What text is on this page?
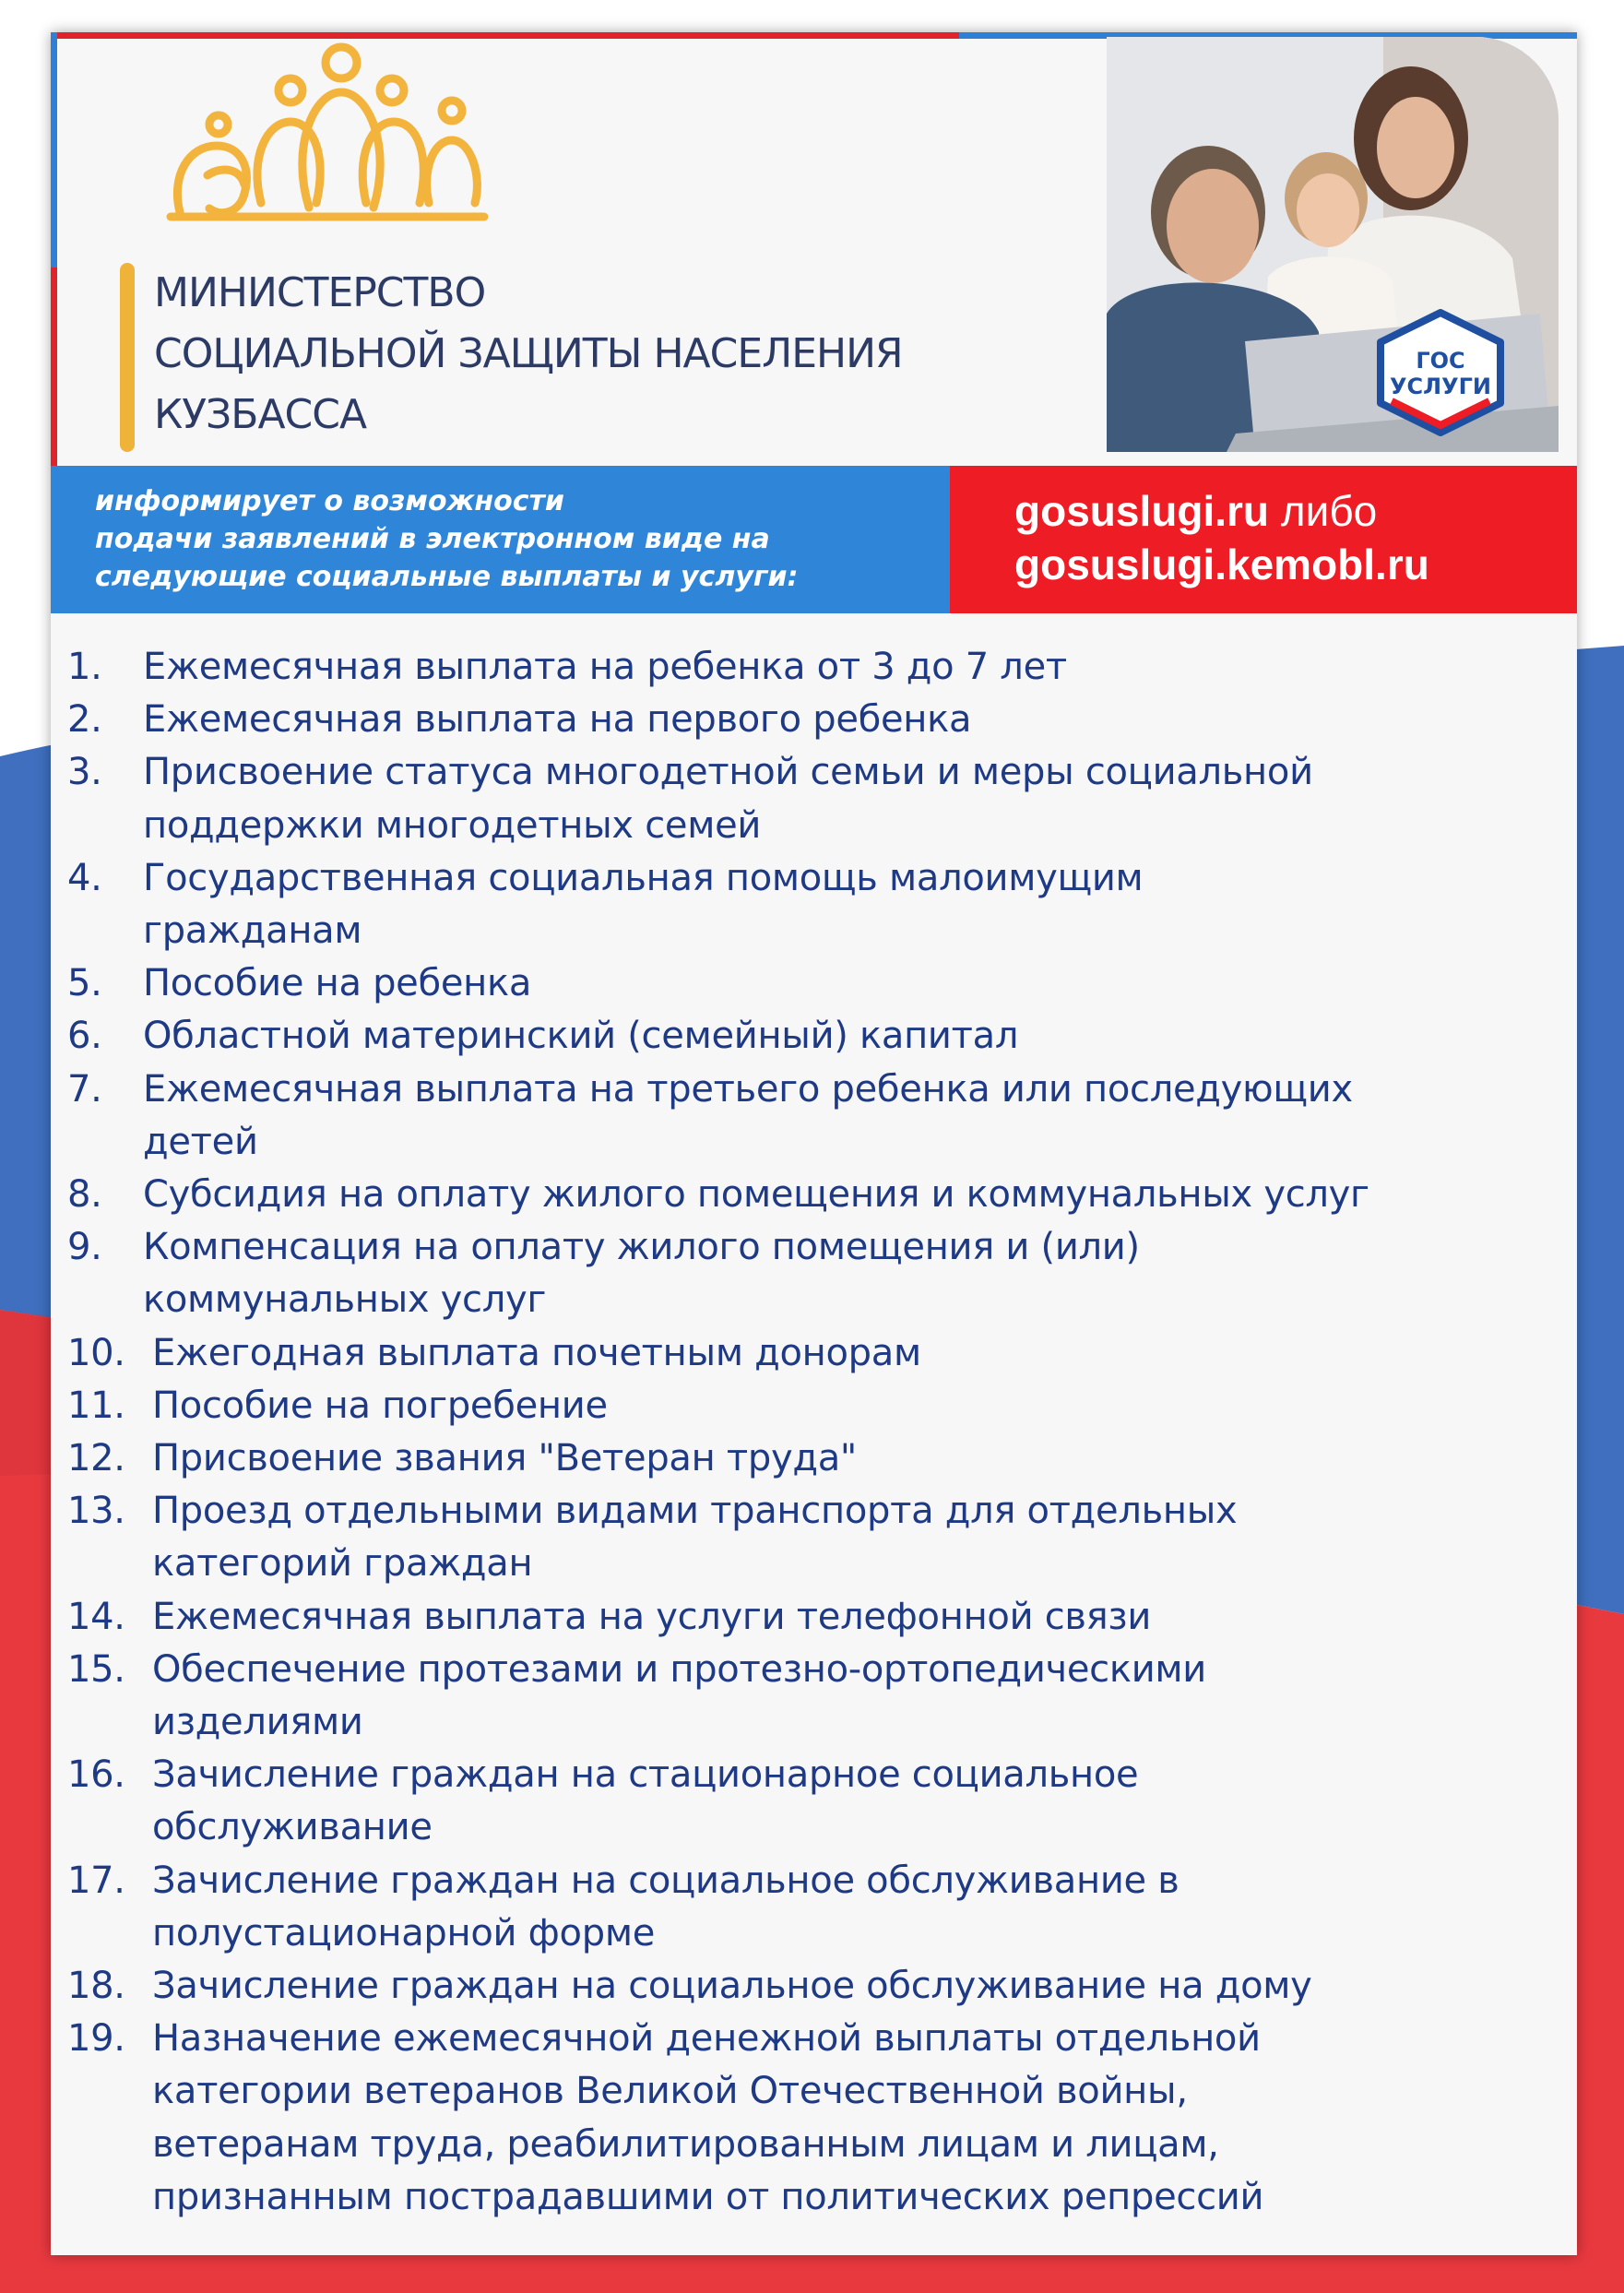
МИНИСТЕРСТВО
СОЦИАЛЬНОЙ ЗАЩИТЫ НАСЕЛЕНИЯ
КУЗБАССА
ГОС
УСЛУГИ
информирует о возможности
подачи заявлений в электронном виде на
следующие социальные выплаты и услуги:
gosuslugi.ru либо
gosuslugi.kemobl.ru
1.	Ежемесячная выплата на ребенка от 3 до 7 лет
2.	Ежемесячная выплата на первого ребенка
3.	Присвоение статуса многодетной семьи и меры социальной
поддержки многодетных семей
4.	Государственная социальная помощь малоимущим
гражданам
5.	Пособие на ребенка
6.	Областной материнский (семейный) капитал
7.	Ежемесячная выплата на третьего ребенка или последующих
детей
8.	Субсидия на оплату жилого помещения и коммунальных услуг
9.	Компенсация на оплату жилого помещения и (или)
коммунальных услуг
10. Ежегодная выплата почетным донорам
11. Пособие на погребение
12. Присвоение звания "Ветеран труда"
13. Проезд отдельными видами транспорта для отдельных
категорий граждан
14. Ежемесячная выплата на услуги телефонной связи
15. Обеспечение протезами и протезно-ортопедическими
изделиями
16. Зачисление граждан на стационарное социальное
обслуживание
17. Зачисление граждан на социальное обслуживание в
полустационарной форме
18. Зачисление граждан на социальное обслуживание на дому
19. Назначение ежемесячной денежной выплаты отдельной
категории ветеранов Великой Отечественной войны,
ветеранам труда, реабилитированным лицам и лицам,
признанным пострадавшими от политических репрессий
